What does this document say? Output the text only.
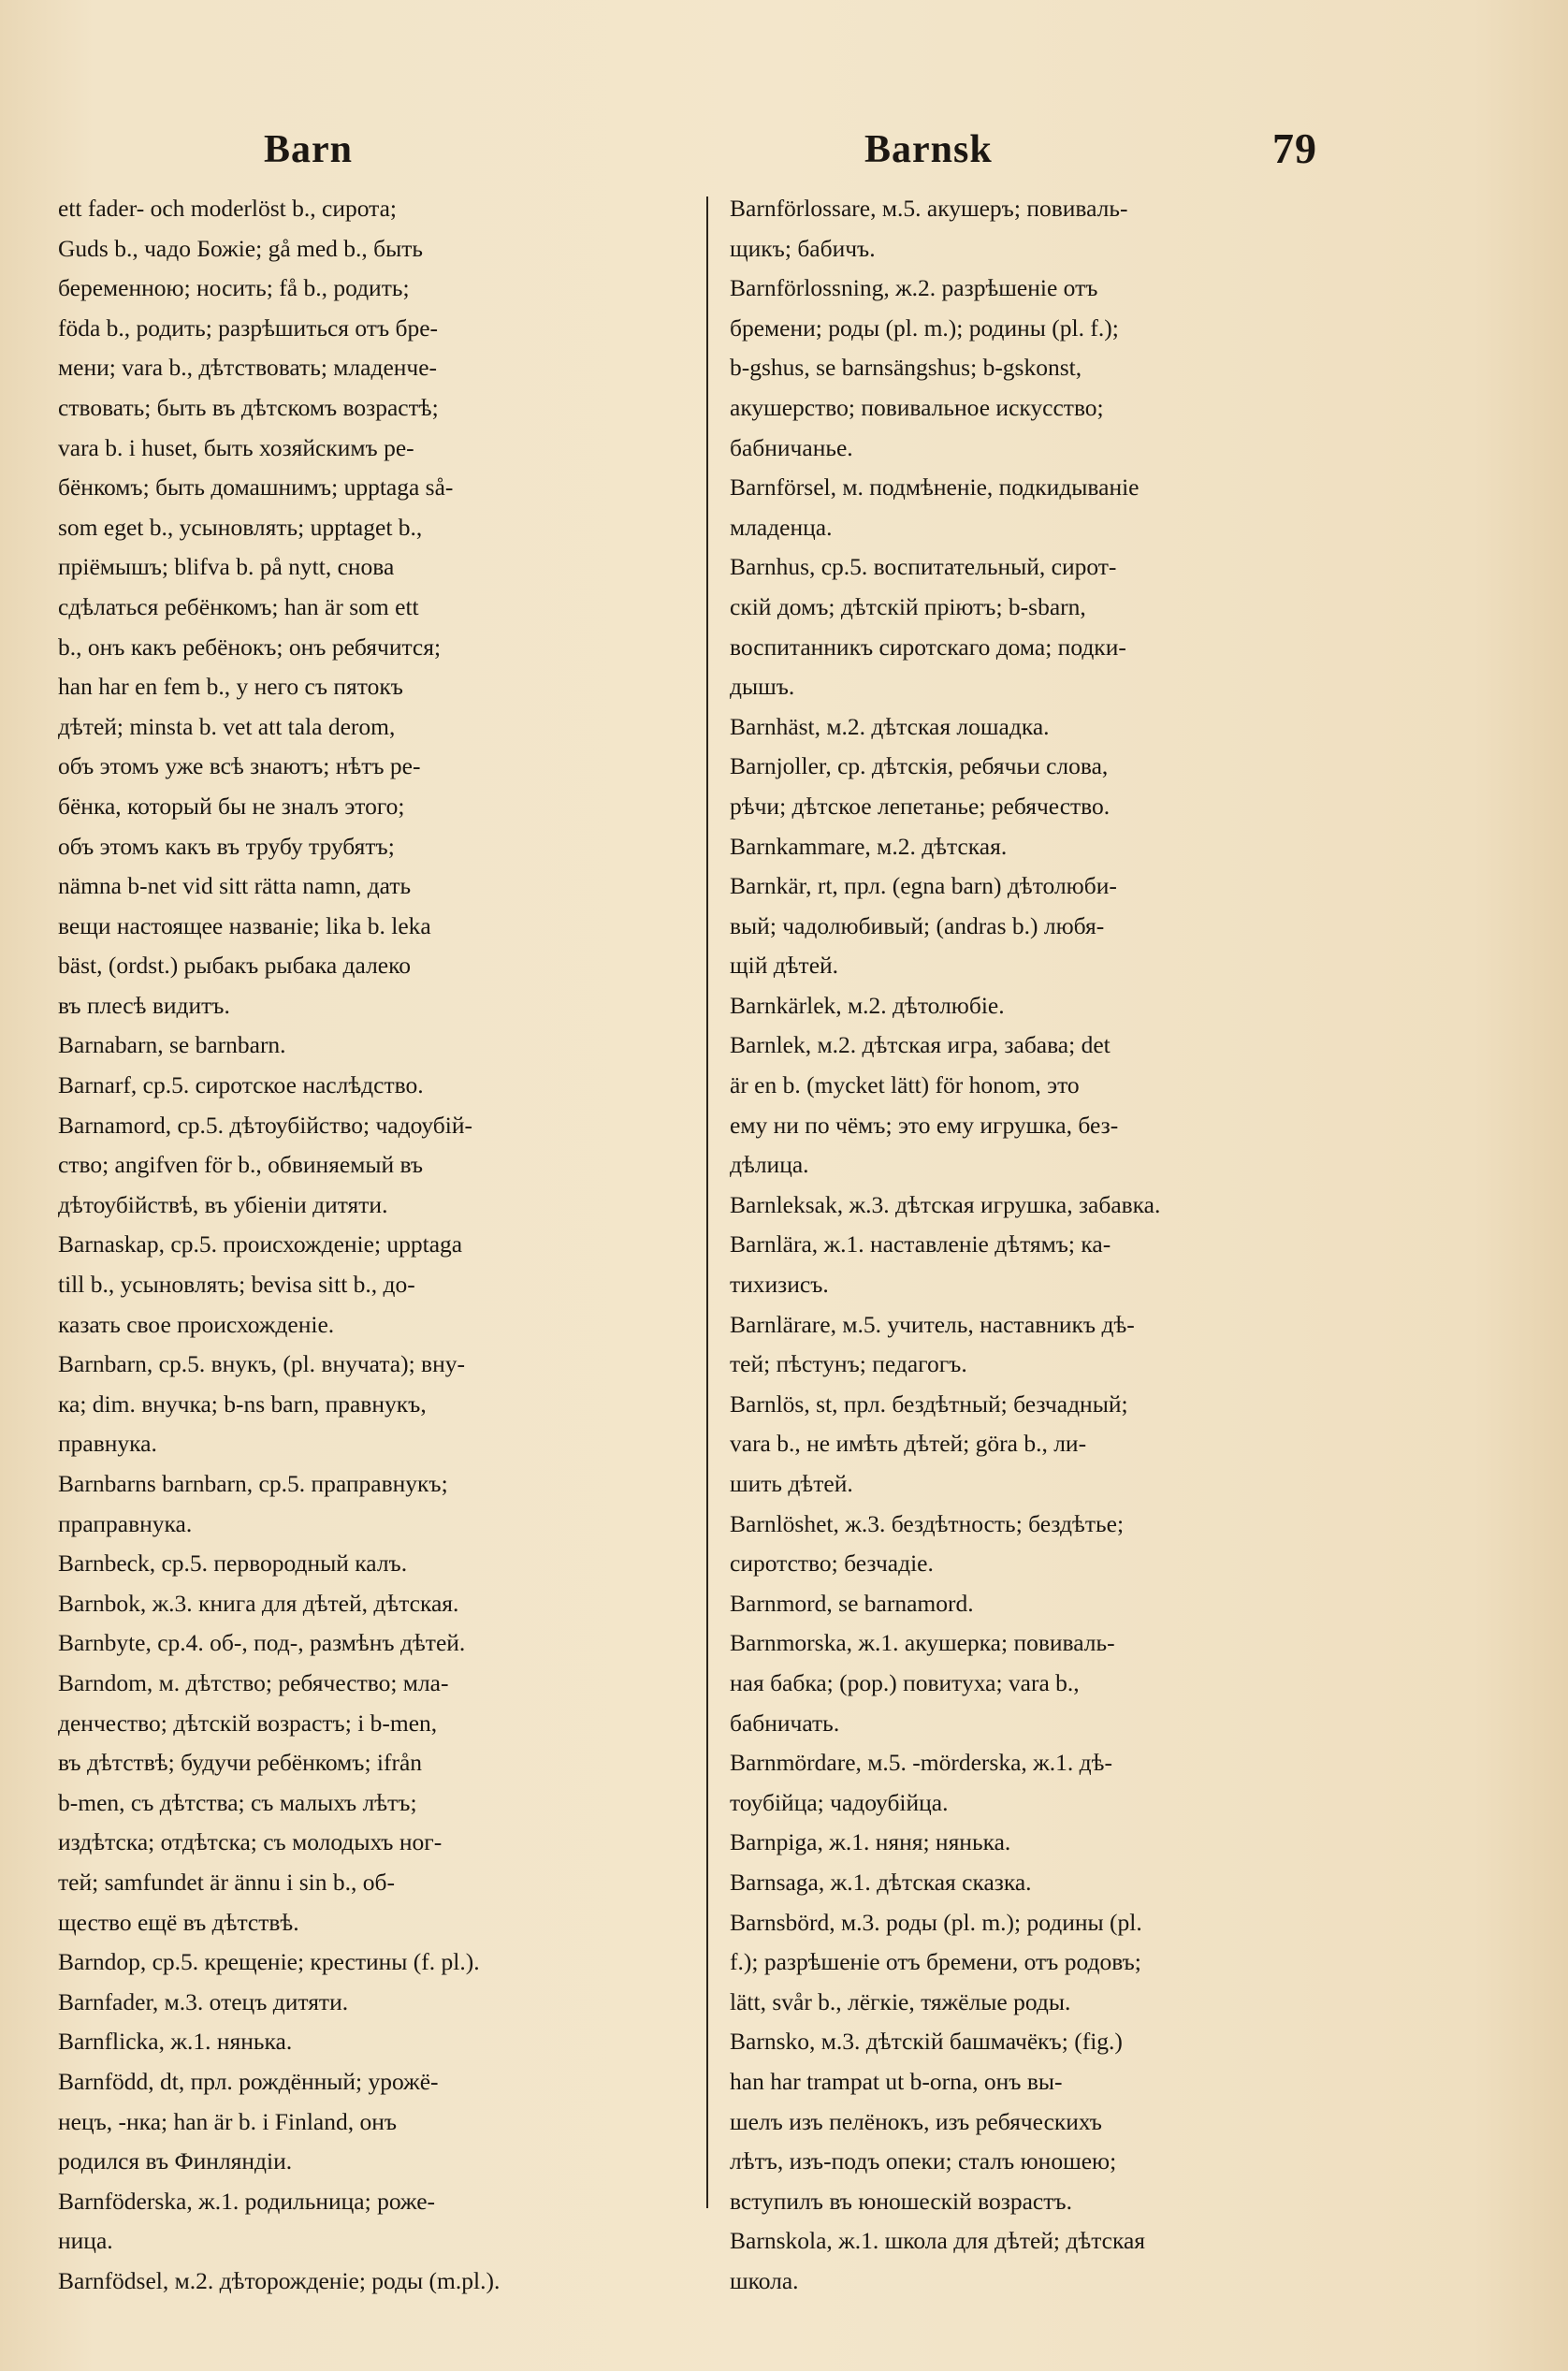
Barn	Barnsk	79
ett fader- och moderlöst b., сирота;
Guds b., чадо Божіе; gå med b., быть
беременною; носить; få b., родить;
föda b., родить; разрѣшиться отъ бре-
мени; vara b., дѣтствовать; младенче-
ствовать; быть въ дѣтскомъ возрастѣ;
vara b. i huset, быть хозяйскимъ ре-
бёнкомъ; быть домашнимъ; upptaga så-
som eget b., усыновлять; upptaget b.,
пріёмышъ; blifva b. på nytt, снова
сдѣлаться ребёнкомъ; han är som ett
b., онъ какъ ребёнокъ; онъ ребячится;
han har en fem b., у него съ пятокъ
дѣтей; minsta b. vet att tala derom,
объ этомъ уже всѣ знаютъ; нѣтъ ре-
бёнка, который бы не зналъ этого;
объ этомъ какъ въ трубу трубятъ;
nämna b-net vid sitt rätta namn, дать
вещи настоящее названіе; lika b. leka
bäst, (ordst.) рыбакъ рыбака далеко
въ плесѣ видитъ.
Barnabarn, se barnbarn.
Barnarf, ср.5. сиротское наслѣдство.
Barnamord, ср.5. дѣтоубійство; чадоубій-
ство; angifven för b., обвиняемый въ
дѣтоубійствѣ, въ убіеніи дитяти.
Barnaskap, ср.5. происхожденіе; upptaga
till b., усыновлять; bevisa sitt b., до-
казать свое происхожденіе.
Barnbarn, ср.5. внукъ, (pl. внучата); вну-
ка; dim. внучка; b-ns barn, правнукъ,
правнука.
Barnbarns barnbarn, ср.5. праправнукъ;
праправнука.
Barnbeck, ср.5. первородный калъ.
Barnbok, ж.3. книга для дѣтей, дѣтская.
Barnbyte, ср.4. об-, под-, размѣнъ дѣтей.
Barndom, м. дѣтство; ребячество; мла-
денчество; дѣтскій возрастъ; i b-men,
въ дѣтствѣ; будучи ребёнкомъ; ifrån
b-men, съ дѣтства; съ малыхъ лѣтъ;
издѣтска; отдѣтска; съ молодыхъ ног-
тей; samfundet är ännu i sin b., об-
щество ещё въ дѣтствѣ.
Barndop, ср.5. крещеніе; крестины (f. pl.).
Barnfader, м.3. отецъ дитяти.
Barnflicka, ж.1. нянька.
Barnfödd, dt, прл. рождённый; урожё-
нецъ, -нка; han är b. i Finland, онъ
родился въ Финляндіи.
Barnföderska, ж.1. родильница; роже-
ница.
Barnfödsel, м.2. дѣторожденіе; роды (m.pl.).
Barnförlossare, м.5. акушеръ; повиваль-
щикъ; бабичъ.
Barnförlossning, ж.2. разрѣшеніе отъ
бремени; роды (pl. m.); родины (pl. f.);
b-gshus, se barnsängshus; b-gskonst,
акушерство; повивальное искусство;
бабничанье.
Barnförsel, м. подмѣненіе, подкидываніе
младенца.
Barnhus, ср.5. воспитательный, сирот-
скій домъ; дѣтскій пріютъ; b-sbarn,
воспитанникъ сиротскаго дома; подки-
дышъ.
Barnhäst, м.2. дѣтская лошадка.
Barnjoller, ср. дѣтскія, ребячьи слова,
рѣчи; дѣтское лепетанье; ребячество.
Barnkammare, м.2. дѣтская.
Barnkär, rt, прл. (egna barn) дѣтолюби-
вый; чадолюбивый; (andras b.) любя-
щій дѣтей.
Barnkärlek, м.2. дѣтолюбіе.
Barnlek, м.2. дѣтская игра, забава; det
är en b. (mycket lätt) för honom, это
ему ни по чёмъ; это ему игрушка, без-
дѣлица.
Barnleksak, ж.3. дѣтская игрушка, забавка.
Barnlära, ж.1. наставленіе дѣтямъ; ка-
тихизисъ.
Barnlärare, м.5. учитель, наставникъ дѣ-
тей; пѣстунъ; педагогъ.
Barnlös, st, прл. бездѣтный; безчадный;
vara b., не имѣть дѣтей; göra b., ли-
шить дѣтей.
Barnlöshet, ж.3. бездѣтность; бездѣтье;
сиротство; безчадіе.
Barnmord, se barnamord.
Barnmorska, ж.1. акушерка; повиваль-
ная бабка; (рор.) повитуха; vara b.,
бабничать.
Barnmördare, м.5. -mörderska, ж.1. дѣ-
тоубійца; чадоубійца.
Barnpiga, ж.1. няня; нянька.
Barnsaga, ж.1. дѣтская сказка.
Barnsbörd, м.3. роды (pl. m.); родины (pl.
f.); разрѣшеніе отъ бремени, отъ родовъ;
lätt, svår b., лёгкіе, тяжёлые роды.
Barnsko, м.3. дѣтскій башмачёкъ; (fig.)
han har trampat ut b-orna, онъ вы-
шелъ изъ пелёнокъ, изъ ребяческихъ
лѣтъ, изъ-подъ опеки; сталъ юношею;
вступилъ въ юношескій возрастъ.
Barnskola, ж.1. школа для дѣтей; дѣтская
школа.
